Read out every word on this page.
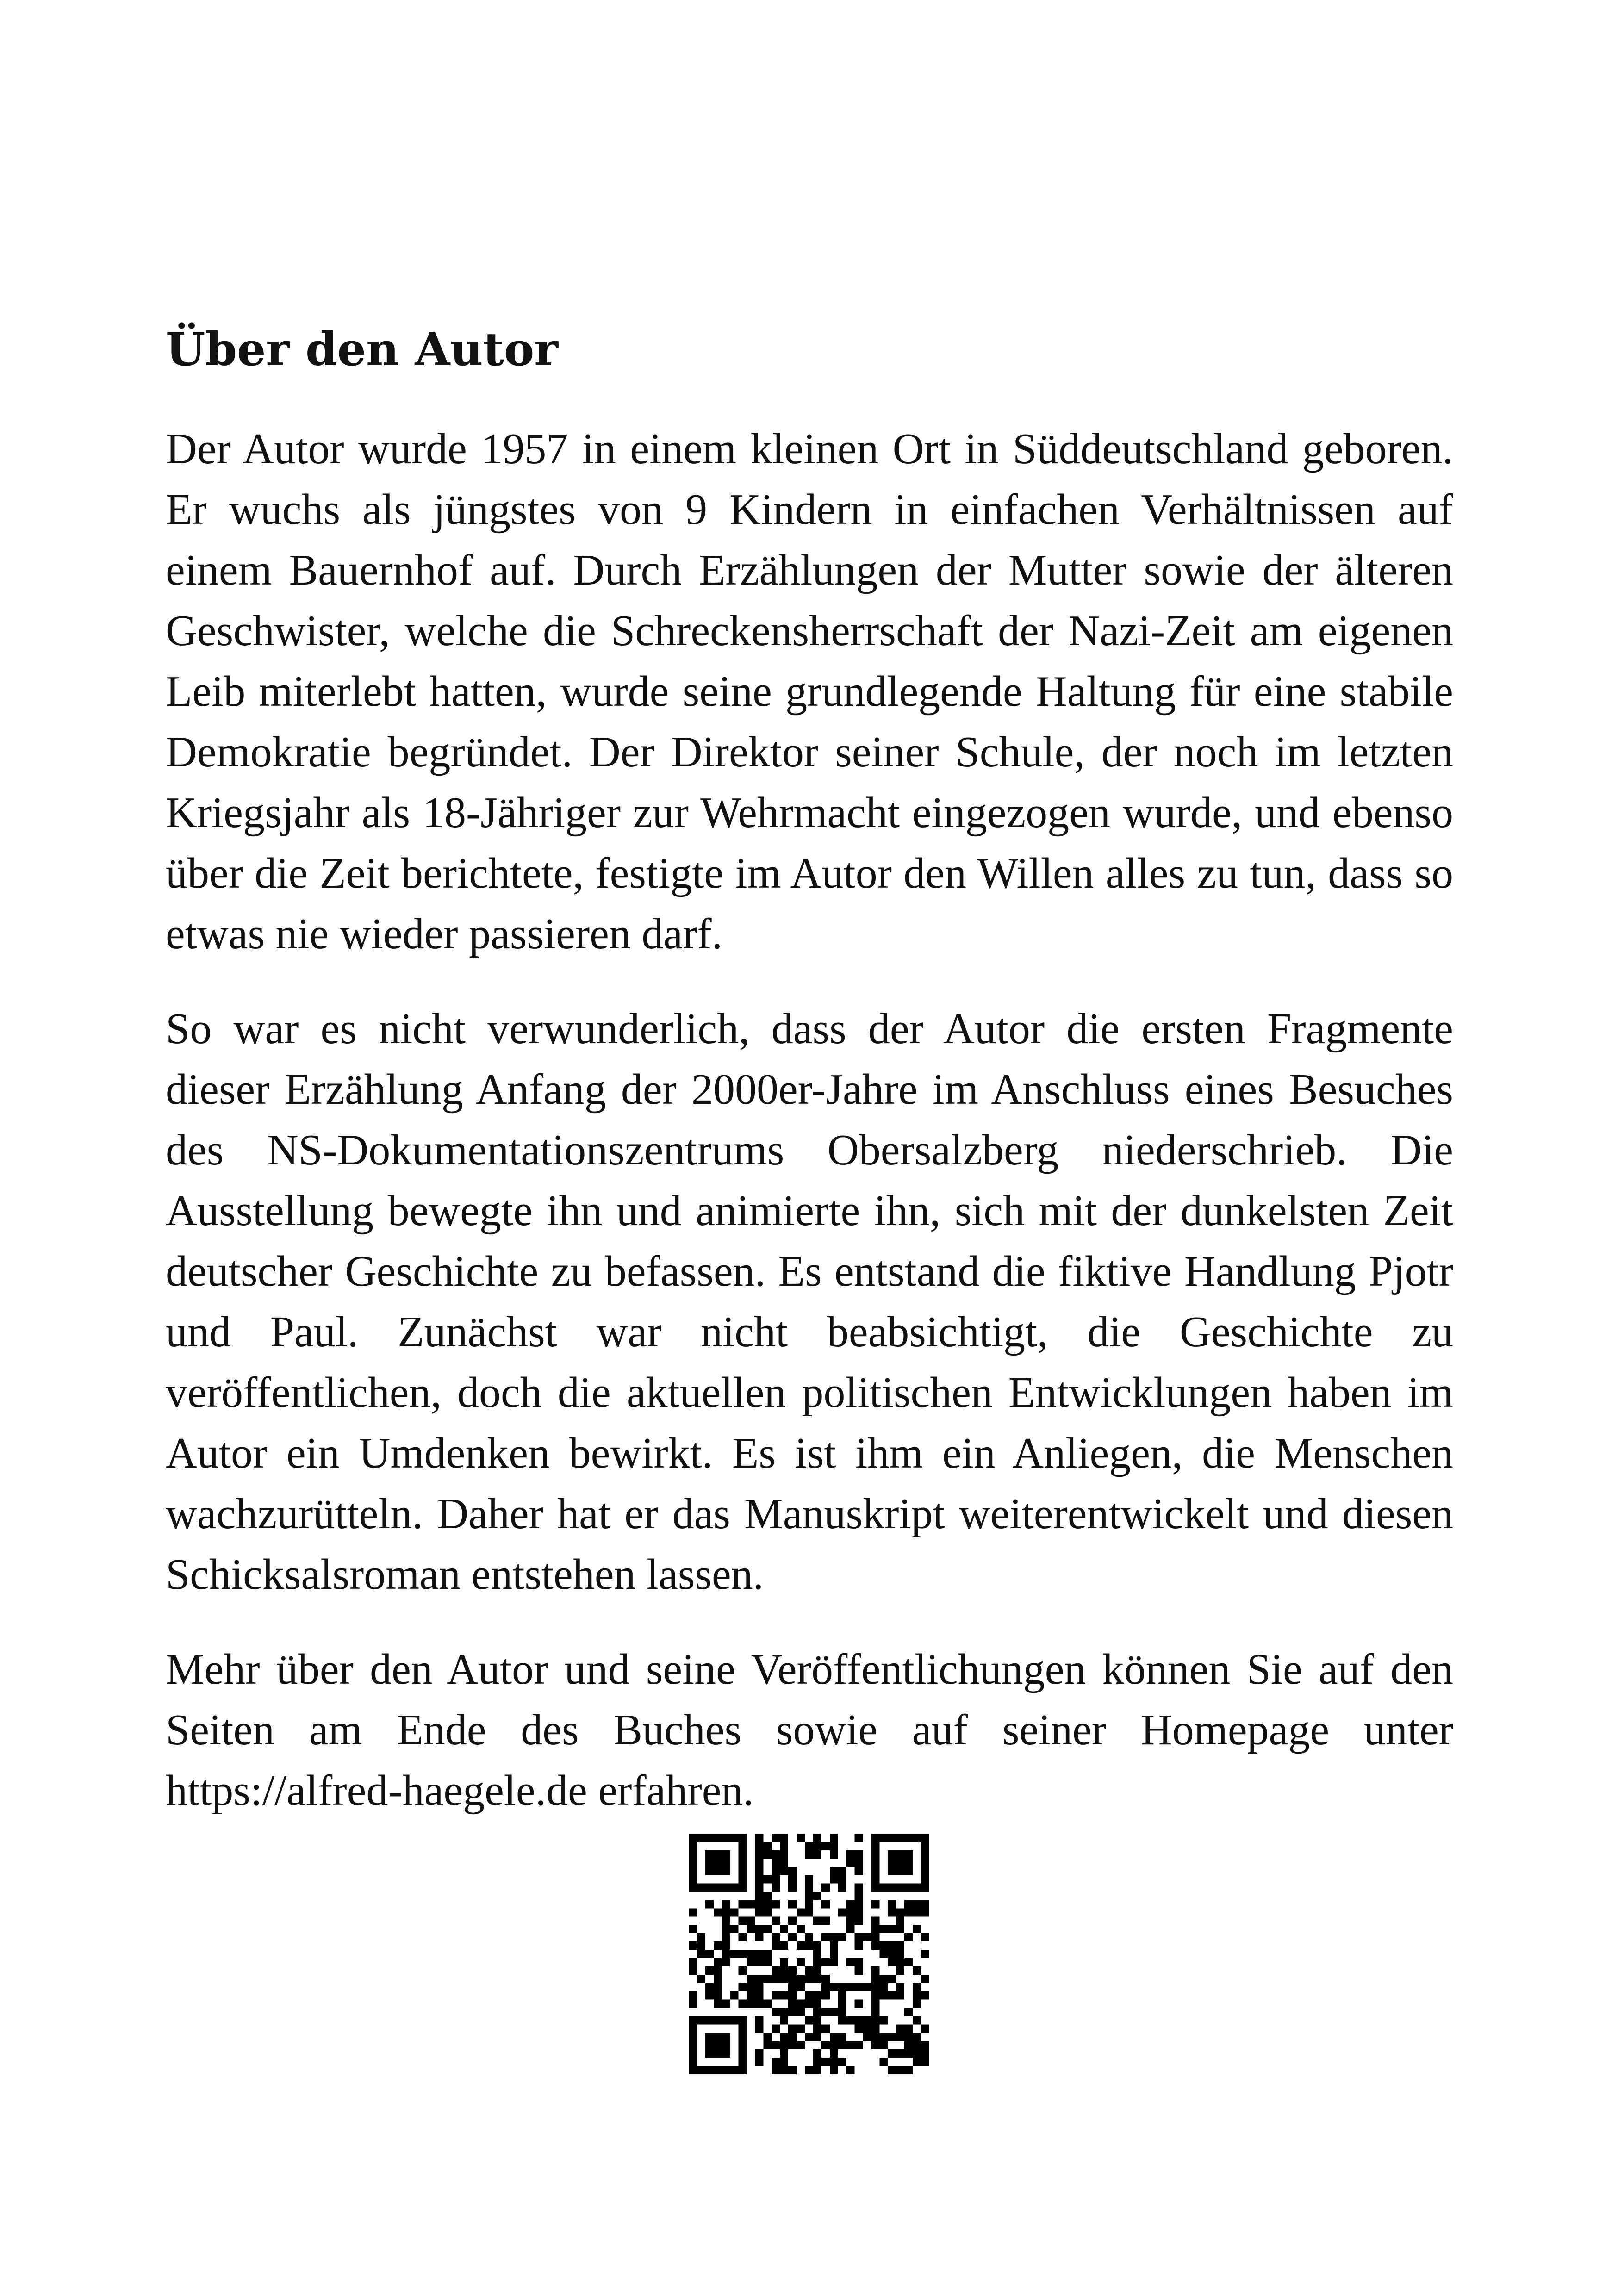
Über den Autor

Der Autor wurde 1957 in einem kleinen Ort in Süddeutschland geboren. Er wuchs als jüngstes von 9 Kindern in einfachen Verhältnissen auf einem Bauernhof auf. Durch Erzählungen der Mutter sowie der älteren Geschwister, welche die Schreckensherrschaft der Nazi-Zeit am eigenen Leib miterlebt hatten, wurde seine grundlegende Haltung für eine stabile Demokratie begründet. Der Direktor seiner Schule, der noch im letzten Kriegsjahr als 18-Jähriger zur Wehrmacht eingezogen wurde, und ebenso über die Zeit berichtete, festigte im Autor den Willen alles zu tun, dass so etwas nie wieder passieren darf.

So war es nicht verwunderlich, dass der Autor die ersten Fragmente dieser Erzählung Anfang der 2000er-Jahre im Anschluss eines Besuches des NS-Dokumentationszentrums Obersalzberg niederschrieb. Die Ausstellung bewegte ihn und animierte ihn, sich mit der dunkelsten Zeit deutscher Geschichte zu befassen. Es entstand die fiktive Handlung Pjotr und Paul. Zunächst war nicht beabsichtigt, die Geschichte zu veröffentlichen, doch die aktuellen politischen Entwicklungen haben im Autor ein Umdenken bewirkt. Es ist ihm ein Anliegen, die Menschen wachzurütteln. Daher hat er das Manuskript weiterentwickelt und diesen Schicksalsroman entstehen lassen.

Mehr über den Autor und seine Veröffentlichungen können Sie auf den Seiten am Ende des Buches sowie auf seiner Homepage unter https://alfred-haegele.de erfahren.
